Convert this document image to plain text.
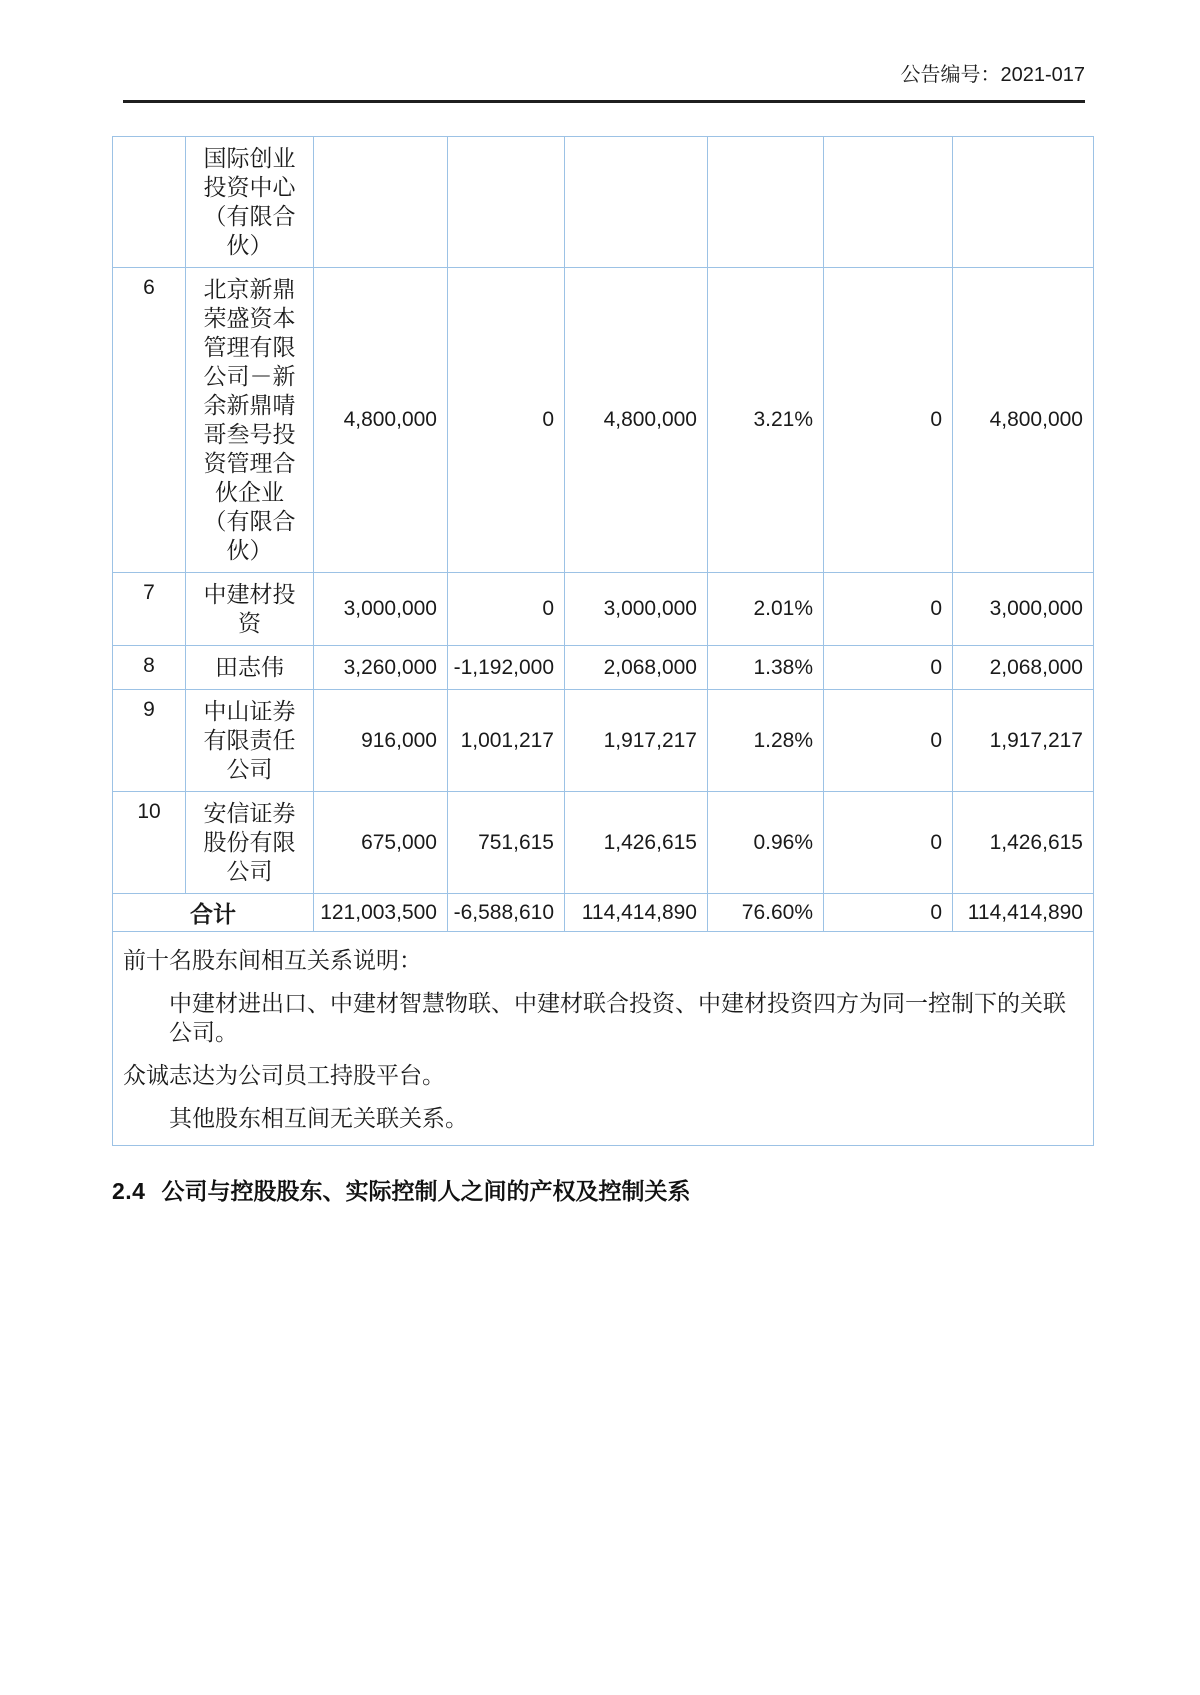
公告编号：2021-017
	国际创业投资中心（有限合伙）						
6	北京新鼎荣盛资本管理有限公司－新余新鼎啨哥叁号投资管理合伙企业（有限合伙）	4,800,000	0	4,800,000	3.21%	0	4,800,000
7	中建材投资	3,000,000	0	3,000,000	2.01%	0	3,000,000
8	田志伟	3,260,000	-1,192,000	2,068,000	1.38%	0	2,068,000
9	中山证券有限责任公司	916,000	1,001,217	1,917,217	1.28%	0	1,917,217
10	安信证券股份有限公司	675,000	751,615	1,426,615	0.96%	0	1,426,615
合计		121,003,500	-6,588,610	114,414,890	76.60%	0	114,414,890

前十名股东间相互关系说明：
中建材进出口、中建材智慧物联、中建材联合投资、中建材投资四方为同一控制下的关联公司。
众诚志达为公司员工持股平台。
其他股东相互间无关联关系。							
2.4 公司与控股股东、实际控制人之间的产权及控制关系
